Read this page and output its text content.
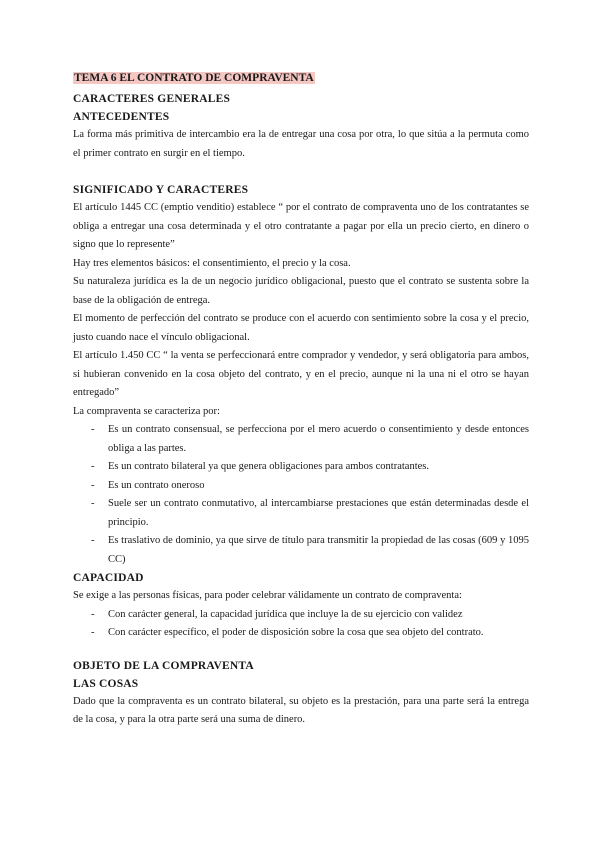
TEMA 6 EL CONTRATO DE COMPRAVENTA
CARACTERES GENERALES
ANTECEDENTES

La forma más primitiva de intercambio era la de entregar una cosa por otra, lo que sitúa a la permuta como el primer contrato en surgir en el tiempo.

SIGNIFICADO Y CARACTERES

El artículo 1445 CC (emptio venditio) establece “ por el contrato de compraventa uno de los contratantes se obliga a entregar una cosa determinada y el otro contratante a pagar por ella un precio cierto, en dinero o signo que lo represente”

Hay tres elementos básicos: el consentimiento, el precio y la cosa.

Su naturaleza jurídica es la de un negocio jurídico obligacional, puesto que el contrato se sustenta sobre la base de la obligación de entrega.

El momento de perfección del contrato se produce con el acuerdo con sentimiento sobre la cosa y el precio, justo cuando nace el vínculo obligacional.

El artículo 1.450 CC “ la venta se perfeccionará entre comprador y vendedor, y será obligatoria para ambos, si hubieran convenido en la cosa objeto del contrato, y en el precio, aunque ni la una ni el otro se hayan entregado”

La compraventa se caracteriza por:

- Es un contrato consensual, se perfecciona por el mero acuerdo o consentimiento y desde entonces obliga a las partes.
- Es un contrato bilateral ya que genera obligaciones para ambos contratantes.
- Es un contrato oneroso
- Suele ser un contrato conmutativo, al intercambiarse prestaciones que están determinadas desde el principio.
- Es traslativo de dominio, ya que sirve de título para transmitir la propiedad de las cosas (609 y 1095 CC)
CAPACIDAD

Se exige a las personas físicas, para poder celebrar válidamente un contrato de compraventa:

- Con carácter general, la capacidad jurídica que incluye la de su ejercicio con validez
- Con carácter específico, el poder de disposición sobre la cosa que sea objeto del contrato.
OBJETO DE LA COMPRAVENTA
LAS COSAS

Dado que la compraventa es un contrato bilateral, su objeto es la prestación, para una parte será la entrega de la cosa, y para la otra parte será una suma de dinero.
